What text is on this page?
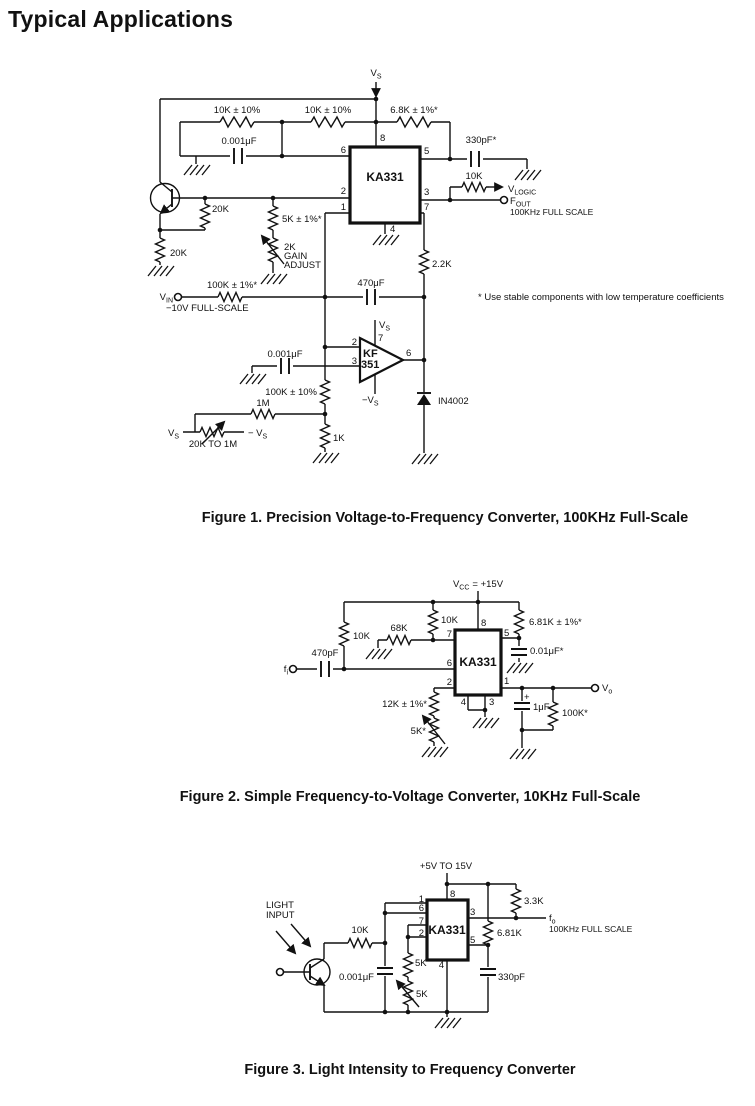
Typical Applications
KA331
8
6	5
2	3
1	7
4
KF
351
2
3
7
6
$V_S$
10K ± 10%	10K ± 10%	6.8K ± 1%*
0.001μF	330pF*
10K
$V_{LOGIC}$
$F_{OUT}$
100KHz FULL SCALE
20K
20K
5K ± 1%*
2K
GAIN
ADJUST	2.2K
100K ± 1%*
$V_{IN}$
−10V FULL-SCALE
470μF
$V_S$
$-V_S$
0.001μF
100K ± 10%
1M
$V_S$	− $V_S$
20K TO 1M
1K
IN4002
* Use stable components with low temperature coefficients
Figure 1. Precision Voltage-to-Frequency Converter, 100KHz Full-Scale
KA331
7
8
5
6
2	1
4 3
$V_{CC} = +15V$
10K
68K
10K	6.81K ± 1%*
470pF
$f_i$
0.01μF*
12K ± 1%*
5K*
+
1μF
100K*
$V_o$
Figure 2. Simple Frequency-to-Voltage Converter, 10KHz Full-Scale
KA331
8
1
6
7
2
3
5
4
+5V TO 15V
LIGHT
INPUT
10K
3.3K
6.81K
$f_o$
100KHz FULL SCALE
0.001μF
5K
5K
330pF
Figure 3. Light Intensity to Frequency Converter
